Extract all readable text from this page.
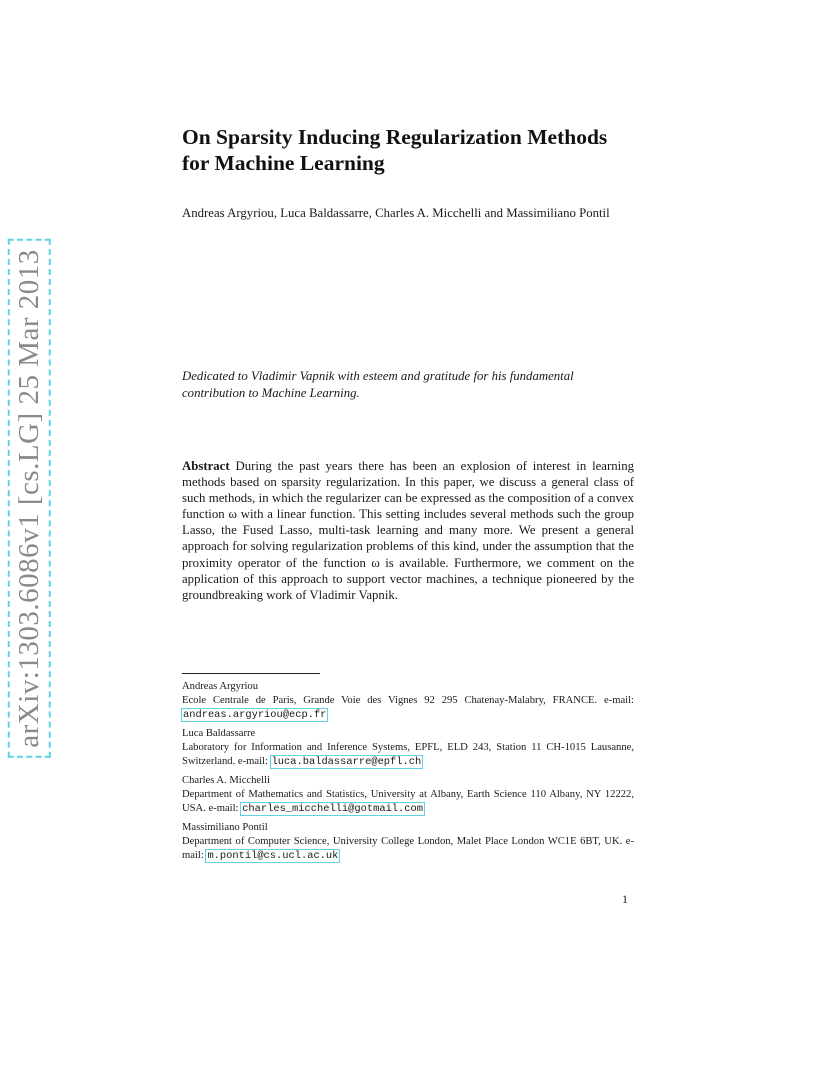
arXiv:1303.6086v1 [cs.LG] 25 Mar 2013
On Sparsity Inducing Regularization Methods
for Machine Learning
Andreas Argyriou, Luca Baldassarre, Charles A. Micchelli and Massimiliano Pontil
Dedicated to Vladimir Vapnik with esteem and gratitude for his fundamental contribution to Machine Learning.
Abstract During the past years there has been an explosion of interest in learning methods based on sparsity regularization. In this paper, we discuss a general class of such methods, in which the regularizer can be expressed as the composition of a convex function ω with a linear function. This setting includes several methods such the group Lasso, the Fused Lasso, multi-task learning and many more. We present a general approach for solving regularization problems of this kind, under the assumption that the proximity operator of the function ω is available. Furthermore, we comment on the application of this approach to support vector machines, a technique pioneered by the groundbreaking work of Vladimir Vapnik.
Andreas Argyriou
Ecole Centrale de Paris, Grande Voie des Vignes 92 295 Chatenay-Malabry, FRANCE. e-mail: andreas.argyriou@ecp.fr
Luca Baldassarre
Laboratory for Information and Inference Systems, EPFL, ELD 243, Station 11 CH-1015 Lausanne, Switzerland. e-mail: luca.baldassarre@epfl.ch
Charles A. Micchelli
Department of Mathematics and Statistics, University at Albany, Earth Science 110 Albany, NY 12222, USA. e-mail: charles_micchelli@gotmail.com
Massimiliano Pontil
Department of Computer Science, University College London, Malet Place London WC1E 6BT, UK. e-mail: m.pontil@cs.ucl.ac.uk
1
